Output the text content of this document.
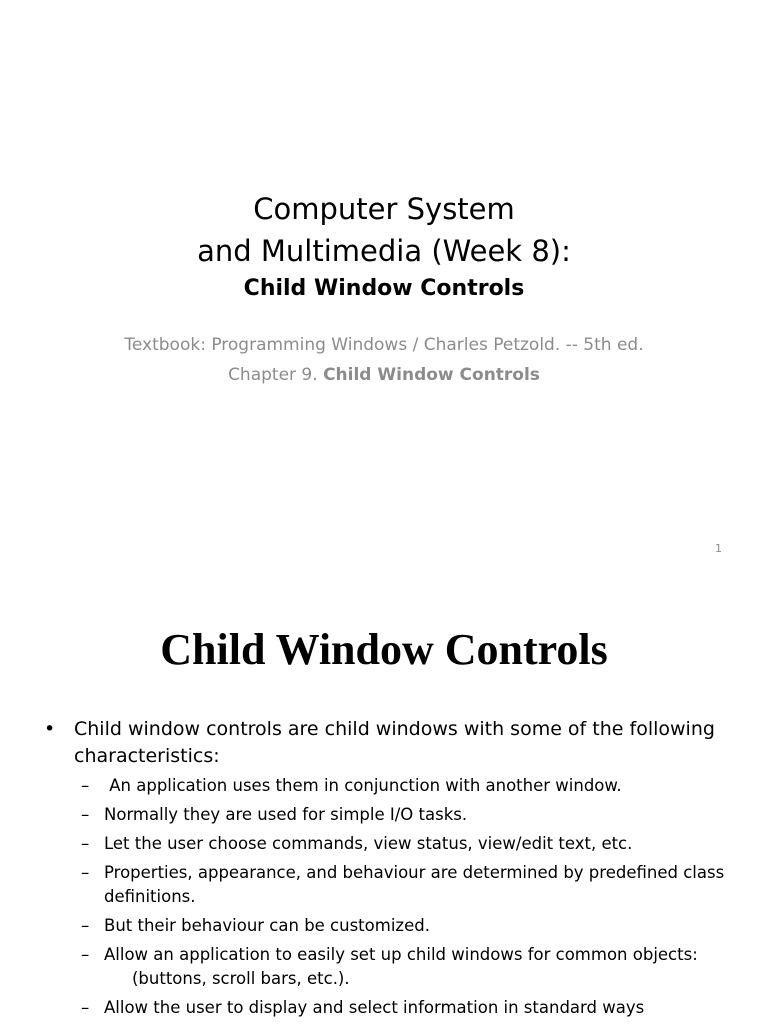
Computer System
and Multimedia (Week 8):
Child Window Controls
Textbook: Programming Windows / Charles Petzold. -- 5th ed.
Chapter 9. Child Window Controls
1
Child Window Controls
• Child window controls are child windows with some of the following characteristics:
– An application uses them in conjunction with another window.
– Normally they are used for simple I/O tasks.
– Let the user choose commands, view status, view/edit text, etc.
– Properties, appearance, and behaviour are determined by predefined class definitions.
– But their behaviour can be customized.
– Allow an application to easily set up child windows for common objects:
(buttons, scroll bars, etc.).
– Allow the user to display and select information in standard ways
